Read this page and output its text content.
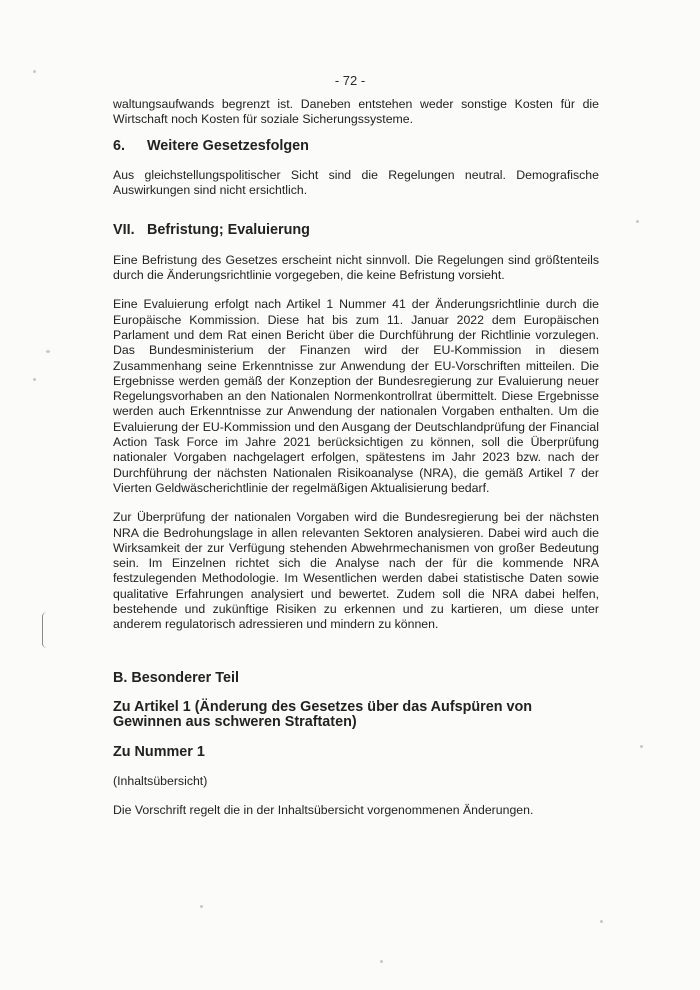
- 72 -

waltungsaufwands begrenzt ist. Daneben entstehen weder sonstige Kosten für die Wirtschaft noch Kosten für soziale Sicherungssysteme.

6. Weitere Gesetzesfolgen

Aus gleichstellungspolitischer Sicht sind die Regelungen neutral. Demografische Auswirkungen sind nicht ersichtlich.

VII. Befristung; Evaluierung

Eine Befristung des Gesetzes erscheint nicht sinnvoll. Die Regelungen sind größtenteils durch die Änderungsrichtlinie vorgegeben, die keine Befristung vorsieht.

Eine Evaluierung erfolgt nach Artikel 1 Nummer 41 der Änderungsrichtlinie durch die Europäische Kommission. Diese hat bis zum 11. Januar 2022 dem Europäischen Parlament und dem Rat einen Bericht über die Durchführung der Richtlinie vorzulegen. Das Bundesministerium der Finanzen wird der EU-Kommission in diesem Zusammenhang seine Erkenntnisse zur Anwendung der EU-Vorschriften mitteilen. Die Ergebnisse werden gemäß der Konzeption der Bundesregierung zur Evaluierung neuer Regelungsvorhaben an den Nationalen Normenkontrollrat übermittelt. Diese Ergebnisse werden auch Erkenntnisse zur Anwendung der nationalen Vorgaben enthalten. Um die Evaluierung der EU-Kommission und den Ausgang der Deutschlandprüfung der Financial Action Task Force im Jahre 2021 berücksichtigen zu können, soll die Überprüfung nationaler Vorgaben nachgelagert erfolgen, spätestens im Jahr 2023 bzw. nach der Durchführung der nächsten Nationalen Risikoanalyse (NRA), die gemäß Artikel 7 der Vierten Geldwäscherichtlinie der regelmäßigen Aktualisierung bedarf.

Zur Überprüfung der nationalen Vorgaben wird die Bundesregierung bei der nächsten NRA die Bedrohungslage in allen relevanten Sektoren analysieren. Dabei wird auch die Wirksamkeit der zur Verfügung stehenden Abwehrmechanismen von großer Bedeutung sein. Im Einzelnen richtet sich die Analyse nach der für die kommende NRA festzulegenden Methodologie. Im Wesentlichen werden dabei statistische Daten sowie qualitative Erfahrungen analysiert und bewertet. Zudem soll die NRA dabei helfen, bestehende und zukünftige Risiken zu erkennen und zu kartieren, um diese unter anderem regulatorisch adressieren und mindern zu können.

B. Besonderer Teil
Zu Artikel 1 (Änderung des Gesetzes über das Aufspüren von Gewinnen aus schweren Straftaten)
Zu Nummer 1

(Inhaltsübersicht)

Die Vorschrift regelt die in der Inhaltsübersicht vorgenommenen Änderungen.
